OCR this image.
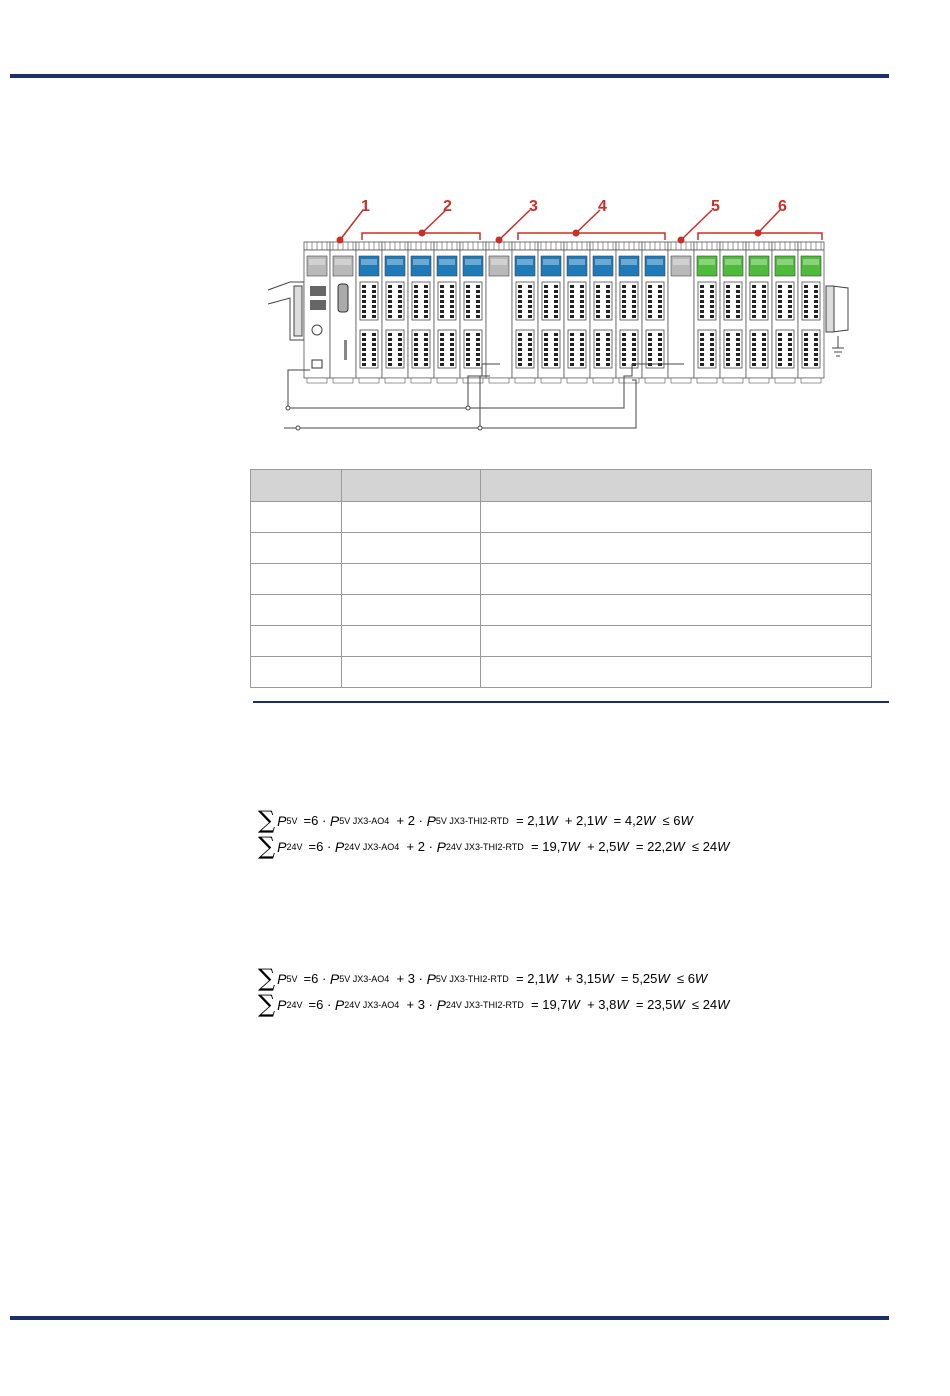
1	2	3	4	5	6

∑ P 5V = 6
·
P 5V JX3-AO4
+
2
·
P 5V JX3-THI2-RTD
=
2,1 W
+
2,1 W
=
4,2 W
≤
6 W
∑ P 24V = 6
·
P 24V JX3-AO4
+
2
·
P 24V JX3-THI2-RTD
=
19,7 W
+
2,5 W
=
22,2 W
≤
24 W
∑ P 5V = 6
·
P 5V JX3-AO4
+
3
·
P 5V JX3-THI2-RTD
=
2,1 W
+
3,15 W
=
5,25 W
≤
6 W
∑ P 24V = 6
·
P 24V JX3-AO4
+
3
·
P 24V JX3-THI2-RTD
=
19,7 W
+
3,8 W
=
23,5 W
≤
24 W
